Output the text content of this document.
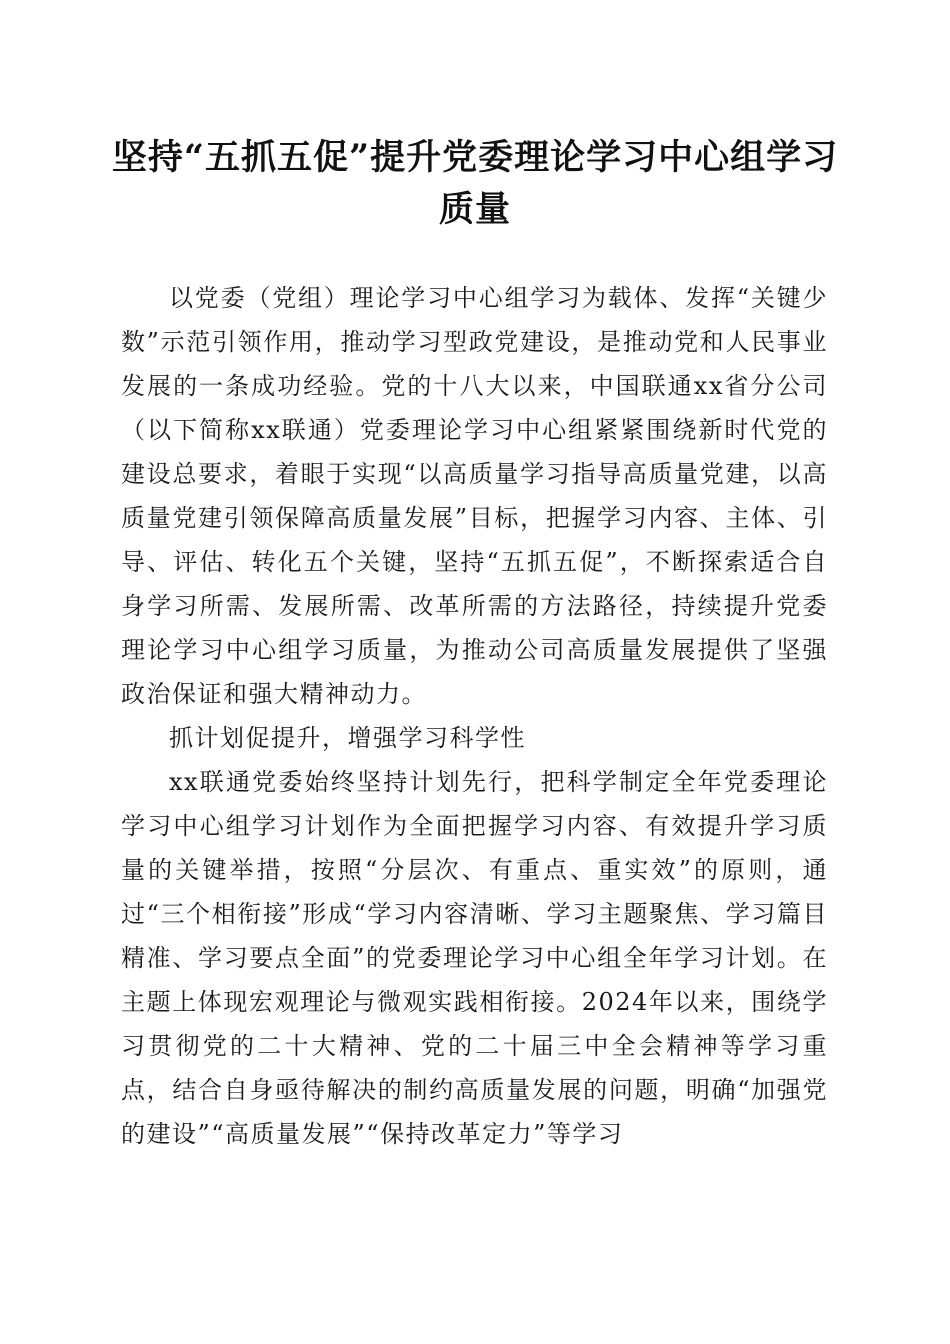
坚持“五抓五促”提升党委理论学习中心组学习质量

以党委（党组）理论学习中心组学习为载体、发挥“关键少数”示范引领作用，推动学习型政党建设，是推动党和人民事业发展的一条成功经验。党的十八大以来，中国联通xx省分公司（以下简称xx联通）党委理论学习中心组紧紧围绕新时代党的建设总要求，着眼于实现“以高质量学习指导高质量党建，以高质量党建引领保障高质量发展”目标，把握学习内容、主体、引导、评估、转化五个关键，坚持“五抓五促”，不断探索适合自身学习所需、发展所需、改革所需的方法路径，持续提升党委理论学习中心组学习质量，为推动公司高质量发展提供了坚强政治保证和强大精神动力。

抓计划促提升，增强学习科学性

xx联通党委始终坚持计划先行，把科学制定全年党委理论学习中心组学习计划作为全面把握学习内容、有效提升学习质量的关键举措，按照“分层次、有重点、重实效”的原则，通过“三个相衔接”形成“学习内容清晰、学习主题聚焦、学习篇目精准、学习要点全面”的党委理论学习中心组全年学习计划。在主题上体现宏观理论与微观实践相衔接。2024年以来，围绕学习贯彻党的二十大精神、党的二十届三中全会精神等学习重点，结合自身亟待解决的制约高质量发展的问题，明确“加强党的建设”“高质量发展”“保持改革定力”等学习
